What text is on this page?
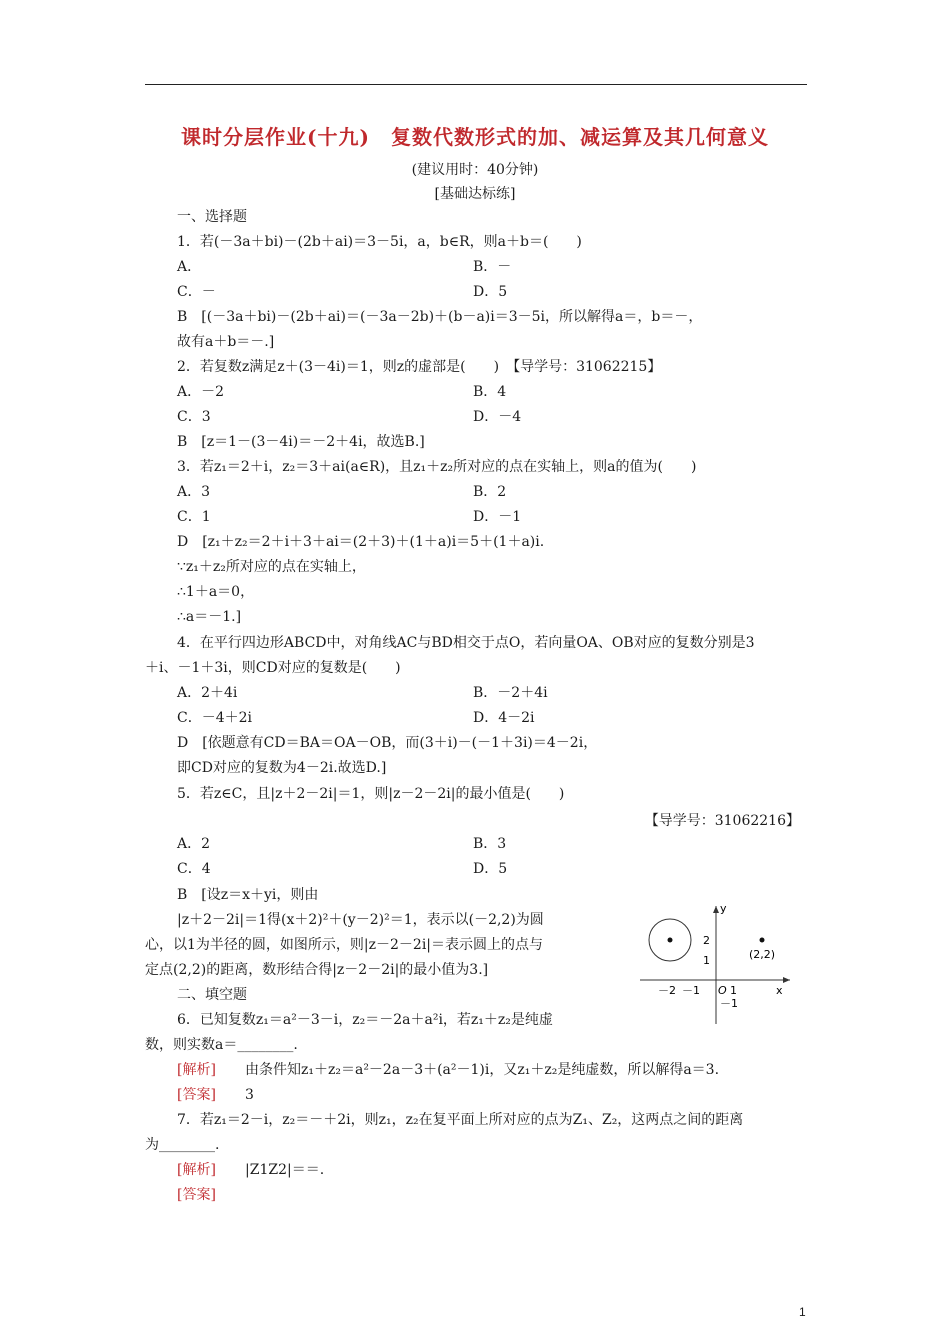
课时分层作业(十九)　复数代数形式的加、减运算及其几何意义
(建议用时：40分钟)
[基础达标练]
一、选择题
1．若(－3a＋bi)－(2b＋ai)＝3－5i，a，b∈R，则a＋b＝(　　)
A．	B．－
C．－	D．5
B　[(－3a＋bi)－(2b＋ai)＝(－3a－2b)＋(b－a)i＝3－5i，所以解得a＝，b＝－，
故有a＋b＝－.]
2．若复数z满足z＋(3－4i)＝1，则z的虚部是(　　)　【导学号：31062215】
A．－2	B．4
C．3	D．－4
B　[z＝1－(3－4i)＝－2＋4i，故选B.]
3．若z₁＝2＋i，z₂＝3＋ai(a∈R)，且z₁＋z₂所对应的点在实轴上，则a的值为(　　)
A．3	B．2
C．1	D．－1
D　[z₁＋z₂＝2＋i＋3＋ai＝(2＋3)＋(1＋a)i＝5＋(1＋a)i.
∵z₁＋z₂所对应的点在实轴上，
∴1＋a＝0，
∴a＝－1.]
4．在平行四边形ABCD中，对角线AC与BD相交于点O，若向量OA、OB对应的复数分别是3
＋i、－1＋3i，则CD对应的复数是(　　)
A．2＋4i	B．－2＋4i
C．－4＋2i	D．4－2i
D　[依题意有CD＝BA＝OA－OB，而(3＋i)－(－1＋3i)＝4－2i，
即CD对应的复数为4－2i.故选D.]
5．若z∈C，且|z＋2－2i|＝1，则|z－2－2i|的最小值是(　　)
【导学号：31062216】
A．2	B．3
C．4	D．5
B　[设z＝x＋yi，则由
|z＋2－2i|＝1得(x＋2)²＋(y－2)²＝1，表示以(－2,2)为圆
心，以1为半径的圆，如图所示，则|z－2－2i|＝表示圆上的点与
定点(2,2)的距离，数形结合得|z－2－2i|的最小值为3.]
y
x
O
2
1
－1
－2 －1	1
(2,2)
二、填空题
6．已知复数z₁＝a²－3－i，z₂＝－2a＋a²i，若z₁＋z₂是纯虚
数，则实数a＝________.
[解析] 由条件知z₁＋z₂＝a²－2a－3＋(a²－1)i，又z₁＋z₂是纯虚数，所以解得a＝3.
[答案] 3
7．若z₁＝2－i，z₂＝－＋2i，则z₁，z₂在复平面上所对应的点为Z₁、Z₂，这两点之间的距离
为________.
[解析] |Z1Z2|＝＝.
[答案]
1
